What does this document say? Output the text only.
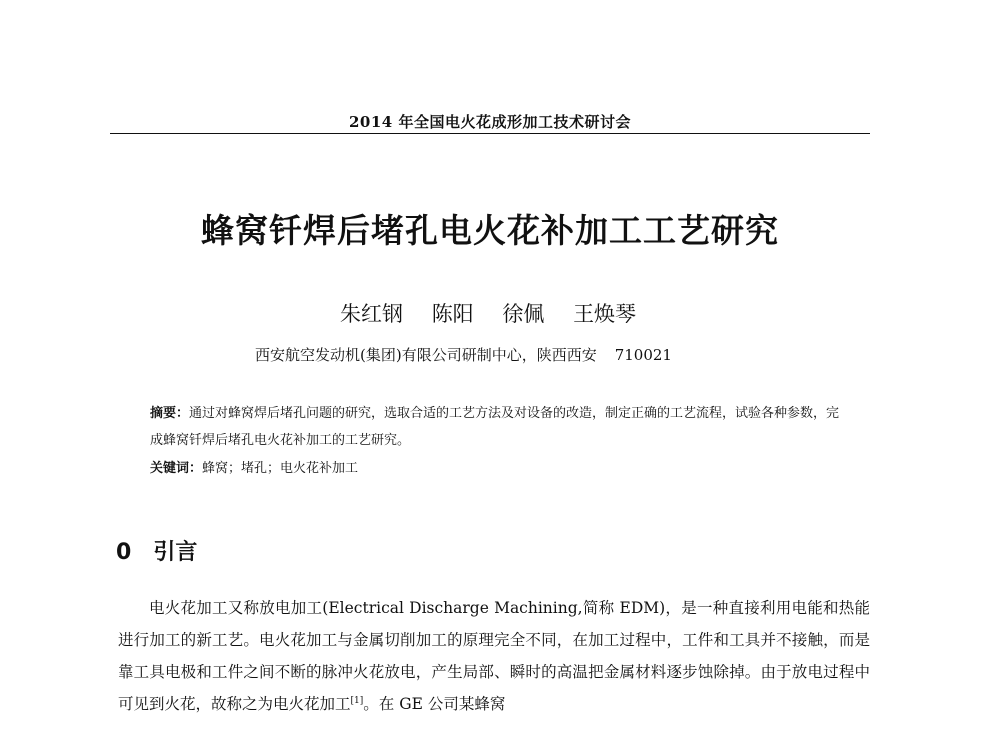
2014 年全国电火花成形加工技术研讨会
蜂窝钎焊后堵孔电火花补加工工艺研究
朱红钢 陈阳 徐佩 王焕琴
西安航空发动机(集团)有限公司研制中心，陕西西安 710021
摘要：通过对蜂窝焊后堵孔问题的研究，选取合适的工艺方法及对设备的改造，制定正确的工艺流程，试验各种参数，完成蜂窝钎焊后堵孔电火花补加工的工艺研究。
关键词：蜂窝；堵孔；电火花补加工
0 引言
电火花加工又称放电加工(Electrical Discharge Machining,简称 EDM)，是一种直接利用电能和热能进行加工的新工艺。电火花加工与金属切削加工的原理完全不同，在加工过程中，工件和工具并不接触，而是靠工具电极和工件之间不断的脉冲火花放电，产生局部、瞬时的高温把金属材料逐步蚀除掉。由于放电过程中可见到火花，故称之为电火花加工[1]。在 GE 公司某蜂窝
